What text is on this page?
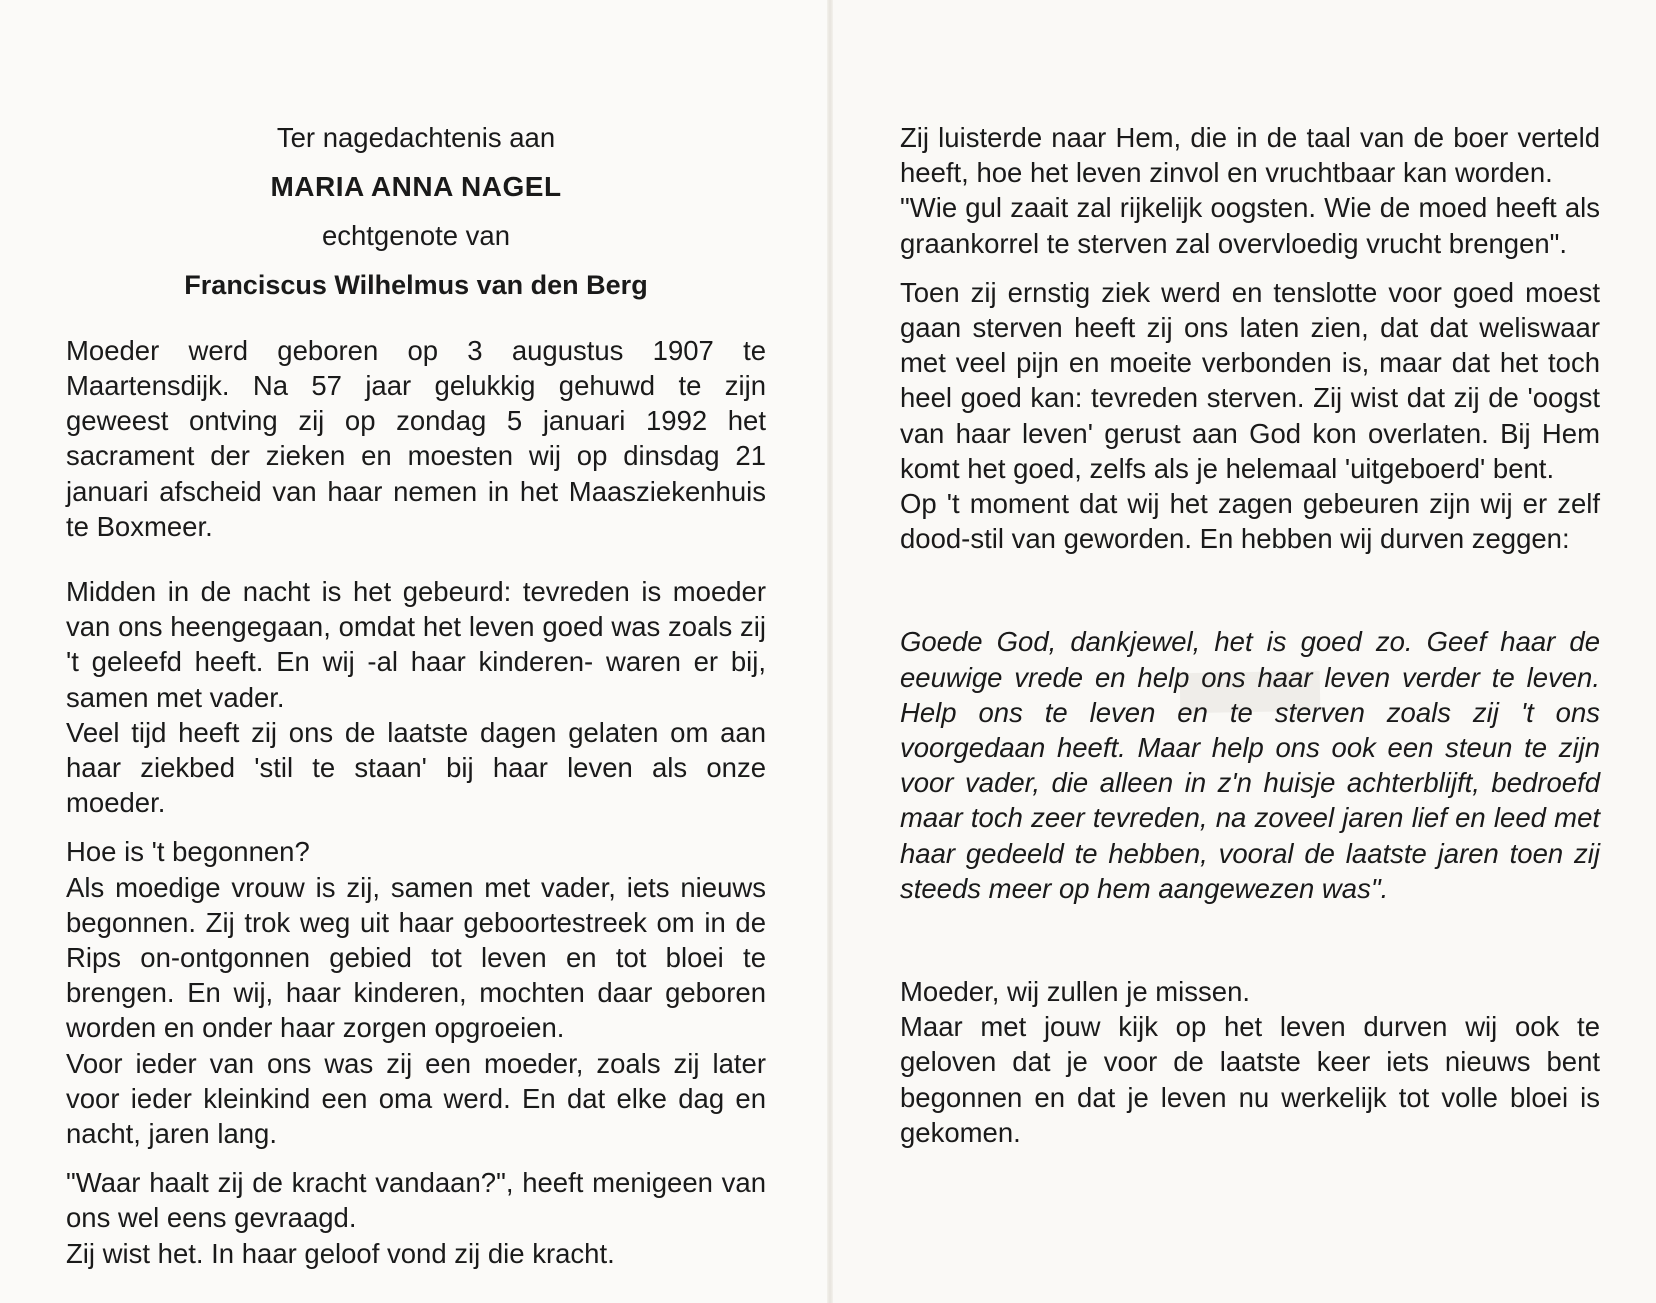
Ter nagedachtenis aan

MARIA ANNA NAGEL

echtgenote van

Franciscus Wilhelmus van den Berg

Moeder werd geboren op 3 augustus 1907 te Maartensdijk. Na 57 jaar gelukkig gehuwd te zijn geweest ontving zij op zondag 5 januari 1992 het sacrament der zieken en moesten wij op dinsdag 21 januari afscheid van haar nemen in het Maasziekenhuis te Boxmeer.

Midden in de nacht is het gebeurd: tevreden is moeder van ons heengegaan, omdat het leven goed was zoals zij 't geleefd heeft. En wij -al haar kinderen- waren er bij, samen met vader.

Veel tijd heeft zij ons de laatste dagen gelaten om aan haar ziekbed 'stil te staan' bij haar leven als onze moeder.

Hoe is 't begonnen?

Als moedige vrouw is zij, samen met vader, iets nieuws begonnen. Zij trok weg uit haar geboortestreek om in de Rips on-ontgonnen gebied tot leven en tot bloei te brengen. En wij, haar kinderen, mochten daar geboren worden en onder haar zorgen opgroeien.

Voor ieder van ons was zij een moeder, zoals zij later voor ieder kleinkind een oma werd. En dat elke dag en nacht, jaren lang.

"Waar haalt zij de kracht vandaan?", heeft menigeen van ons wel eens gevraagd.

Zij wist het. In haar geloof vond zij die kracht.

Zij luisterde naar Hem, die in de taal van de boer verteld heeft, hoe het leven zinvol en vruchtbaar kan worden.

"Wie gul zaait zal rijkelijk oogsten. Wie de moed heeft als graankorrel te sterven zal overvloedig vrucht brengen".

Toen zij ernstig ziek werd en tenslotte voor goed moest gaan sterven heeft zij ons laten zien, dat dat weliswaar met veel pijn en moeite verbonden is, maar dat het toch heel goed kan: tevreden sterven. Zij wist dat zij de 'oogst van haar leven' gerust aan God kon overlaten. Bij Hem komt het goed, zelfs als je helemaal 'uitgeboerd' bent.

Op 't moment dat wij het zagen gebeuren zijn wij er zelf dood-stil van geworden. En hebben wij durven zeggen:

Goede God, dankjewel, het is goed zo. Geef haar de eeuwige vrede en help ons haar leven verder te leven. Help ons te leven en te sterven zoals zij 't ons voorgedaan heeft. Maar help ons ook een steun te zijn voor vader, die alleen in z'n huisje achterblijft, bedroefd maar toch zeer tevreden, na zoveel jaren lief en leed met haar gedeeld te hebben, vooral de laatste jaren toen zij steeds meer op hem aangewezen was".

Moeder, wij zullen je missen.

Maar met jouw kijk op het leven durven wij ook te geloven dat je voor de laatste keer iets nieuws bent begonnen en dat je leven nu werkelijk tot volle bloei is gekomen.
